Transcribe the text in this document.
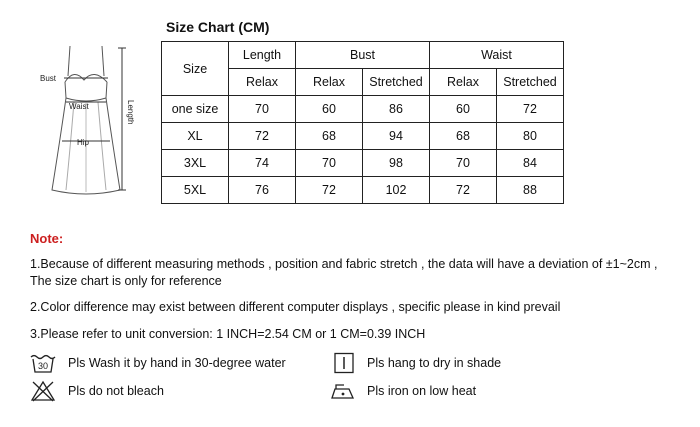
Bust
Waist
Hip
Length
Size Chart (CM)
Size	Length	Bust		Waist	
	Relax	Relax	Stretched	Relax	Stretched
one size	70	60	86	60	72
XL	72	68	94	68	80
3XL	74	70	98	70	84
5XL	76	72	102	72	88
Note:
1.Because of different measuring methods , position and fabric stretch , the data will have a deviation of ±1~2cm ,
The size chart is only for reference
2.Color difference may exist between different computer displays , specific please in kind prevail
3.Please refer to unit conversion: 1 INCH=2.54 CM or 1 CM=0.39 INCH
30 Pls Wash it by hand in 30-degree water	Pls hang to dry in shade
Pls do not bleach	Pls iron on low heat
